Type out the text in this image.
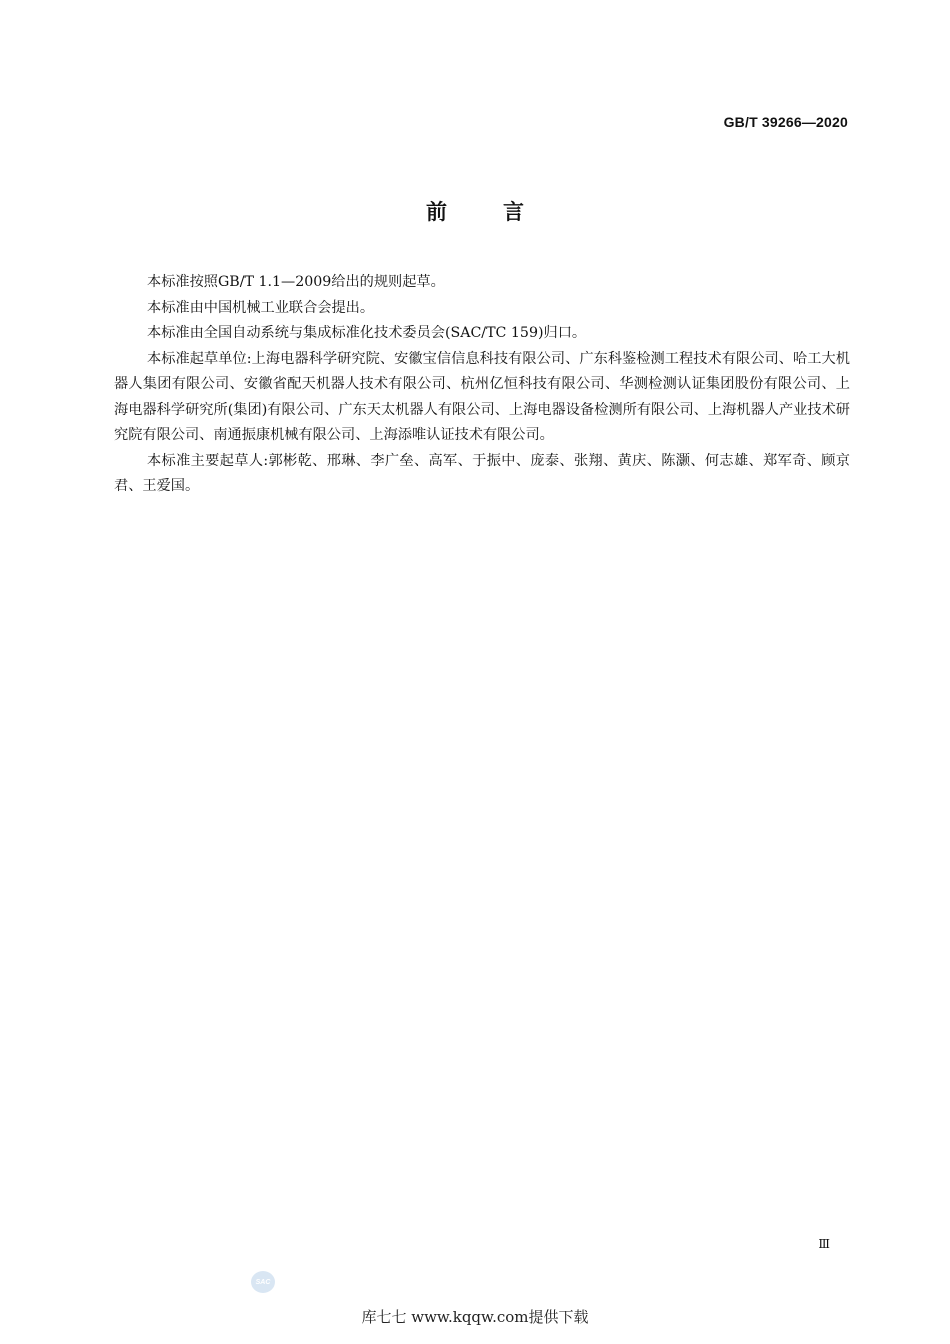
GB/T 39266—2020
前言

本标准按照GB/T 1.1—2009给出的规则起草。

本标准由中国机械工业联合会提出。

本标准由全国自动系统与集成标准化技术委员会(SAC/TC 159)归口。

本标准起草单位:上海电器科学研究院、安徽宝信信息科技有限公司、广东科鉴检测工程技术有限公司、哈工大机器人集团有限公司、安徽省配天机器人技术有限公司、杭州亿恒科技有限公司、华测检测认证集团股份有限公司、上海电器科学研究所(集团)有限公司、广东天太机器人有限公司、上海电器设备检测所有限公司、上海机器人产业技术研究院有限公司、南通振康机械有限公司、上海添唯认证技术有限公司。

本标准主要起草人:郭彬乾、邢琳、李广垒、高军、于振中、庞泰、张翔、黄庆、陈灏、何志雄、郑军奇、顾京君、王爱国。

Ⅲ
SAC
库七七 www.kqqw.com提供下载
